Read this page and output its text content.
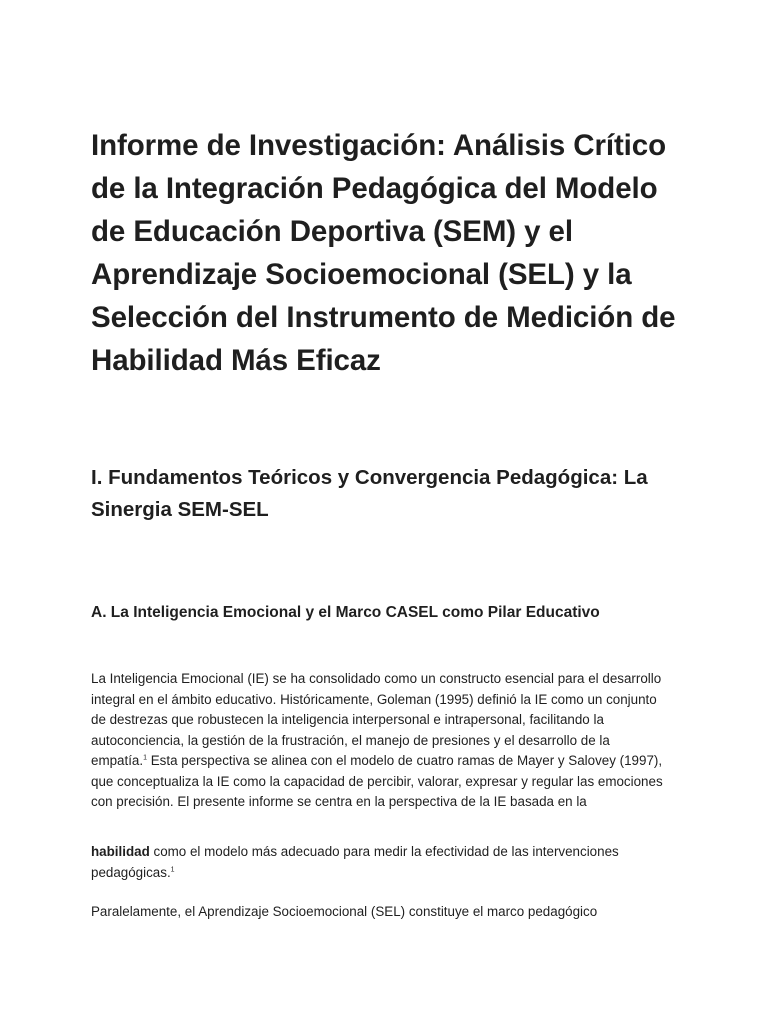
Informe de Investigación: Análisis Crítico de la Integración Pedagógica del Modelo de Educación Deportiva (SEM) y el Aprendizaje Socioemocional (SEL) y la Selección del Instrumento de Medición de Habilidad Más Eficaz
I. Fundamentos Teóricos y Convergencia Pedagógica: La Sinergia SEM-SEL
A. La Inteligencia Emocional y el Marco CASEL como Pilar Educativo

La Inteligencia Emocional (IE) se ha consolidado como un constructo esencial para el desarrollo integral en el ámbito educativo. Históricamente, Goleman (1995) definió la IE como un conjunto de destrezas que robustecen la inteligencia interpersonal e intrapersonal, facilitando la autoconciencia, la gestión de la frustración, el manejo de presiones y el desarrollo de la empatía.$^1$ Esta perspectiva se alinea con el modelo de cuatro ramas de Mayer y Salovey (1997), que conceptualiza la IE como la capacidad de percibir, valorar, expresar y regular las emociones con precisión. El presente informe se centra en la perspectiva de la IE basada en la

habilidad como el modelo más adecuado para medir la efectividad de las intervenciones pedagógicas.$^1$

Paralelamente, el Aprendizaje Socioemocional (SEL) constituye el marco pedagógico
